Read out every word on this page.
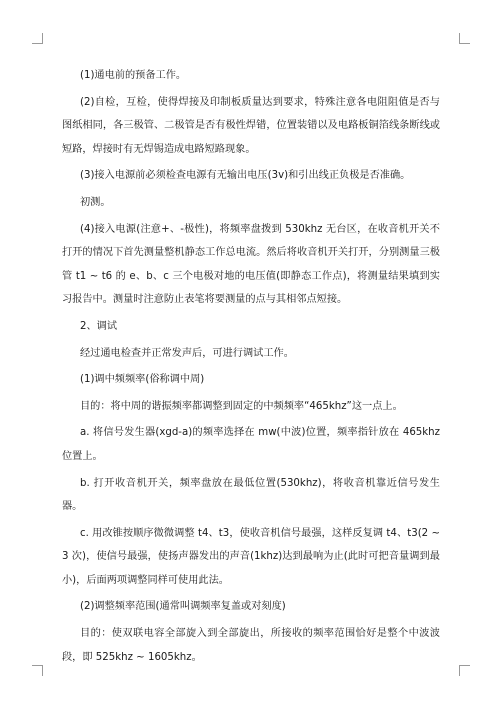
(1)通电前的预备工作。

(2)自检，互检，使得焊接及印制板质量达到要求，特殊注意各电阻阻值是否与图纸相同，各三极管、二极管是否有极性焊错，位置装错以及电路板铜箔线条断线或短路，焊接时有无焊锡造成电路短路现象。

(3)接入电源前必须检查电源有无输出电压(3v)和引出线正负极是否准确。

初测。

(4)接入电源(注意+、-极性)，将频率盘拨到 530khz 无台区，在收音机开关不打开的情况下首先测量整机静态工作总电流。然后将收音机开关打开，分别测量三极管 t1 ~ t6 的 e、b、c 三个电极对地的电压值(即静态工作点)，将测量结果填到实习报告中。测量时注意防止表笔将要测量的点与其相邻点短接。

2、调试

经过通电检查并正常发声后，可进行调试工作。

(1)调中频频率(俗称调中周)

目的：将中周的谐振频率都调整到固定的中频频率“465khz”这一点上。

a. 将信号发生器(xgd-a)的频率选择在 mw(中波)位置，频率指针放在 465khz 位置上。

b. 打开收音机开关，频率盘放在最低位置(530khz)，将收音机靠近信号发生器。

c. 用改锥按顺序微微调整 t4、t3，使收音机信号最强，这样反复调 t4、t3(2 ~ 3 次)，使信号最强，使扬声器发出的声音(1khz)达到最响为止(此时可把音量调到最小)，后面两项调整同样可使用此法。

(2)调整频率范围(通常叫调频率复盖或对刻度)

目的：使双联电容全部旋入到全部旋出，所接收的频率范围恰好是整个中波波段，即 525khz ~ 1605khz。
